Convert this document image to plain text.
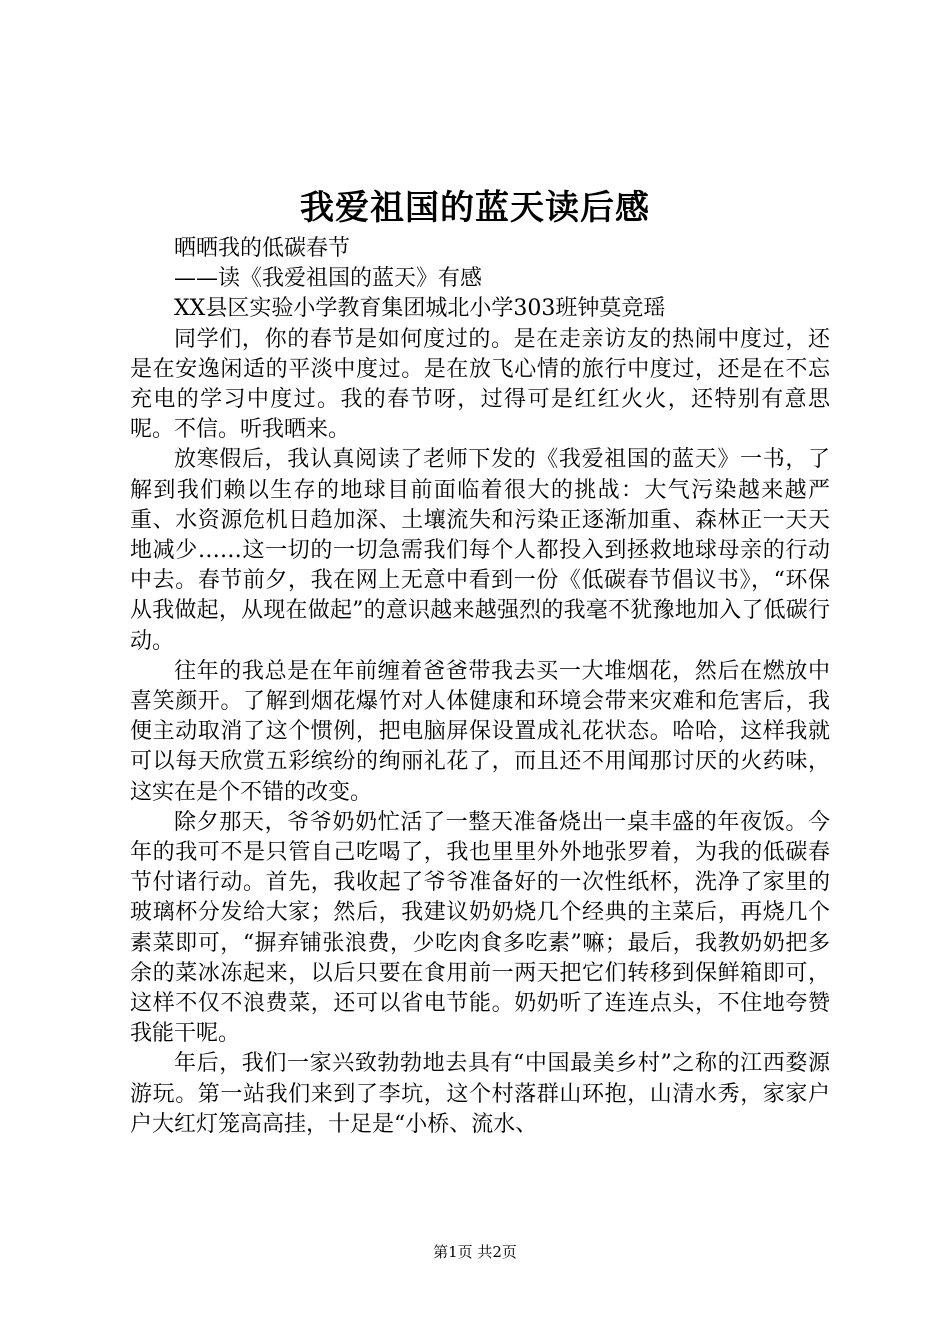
我爱祖国的蓝天读后感
晒晒我的低碳春节
——读《我爱祖国的蓝天》有感
XX县区实验小学教育集团城北小学303班钟莫竞瑶

同学们，你的春节是如何度过的。是在走亲访友的热闹中度过，还是在安逸闲适的平淡中度过。是在放飞心情的旅行中度过，还是在不忘充电的学习中度过。我的春节呀，过得可是红红火火，还特别有意思呢。不信。听我晒来。

放寒假后，我认真阅读了老师下发的《我爱祖国的蓝天》一书，了解到我们赖以生存的地球目前面临着很大的挑战：大气污染越来越严重、水资源危机日趋加深、土壤流失和污染正逐渐加重、森林正一天天地减少……这一切的一切急需我们每个人都投入到拯救地球母亲的行动中去。春节前夕，我在网上无意中看到一份《低碳春节倡议书》，“环保从我做起，从现在做起”的意识越来越强烈的我毫不犹豫地加入了低碳行动。

往年的我总是在年前缠着爸爸带我去买一大堆烟花，然后在燃放中喜笑颜开。了解到烟花爆竹对人体健康和环境会带来灾难和危害后，我便主动取消了这个惯例，把电脑屏保设置成礼花状态。哈哈，这样我就可以每天欣赏五彩缤纷的绚丽礼花了，而且还不用闻那讨厌的火药味，这实在是个不错的改变。

除夕那天，爷爷奶奶忙活了一整天准备烧出一桌丰盛的年夜饭。今年的我可不是只管自己吃喝了，我也里里外外地张罗着，为我的低碳春节付诸行动。首先，我收起了爷爷准备好的一次性纸杯，洗净了家里的玻璃杯分发给大家；然后，我建议奶奶烧几个经典的主菜后，再烧几个素菜即可，“摒弃铺张浪费，少吃肉食多吃素”嘛；最后，我教奶奶把多余的菜冰冻起来，以后只要在食用前一两天把它们转移到保鲜箱即可，这样不仅不浪费菜，还可以省电节能。奶奶听了连连点头，不住地夸赞我能干呢。

年后，我们一家兴致勃勃地去具有“中国最美乡村”之称的江西婺源游玩。第一站我们来到了李坑，这个村落群山环抱，山清水秀，家家户户大红灯笼高高挂，十足是“小桥、流水、

第1页 共2页
